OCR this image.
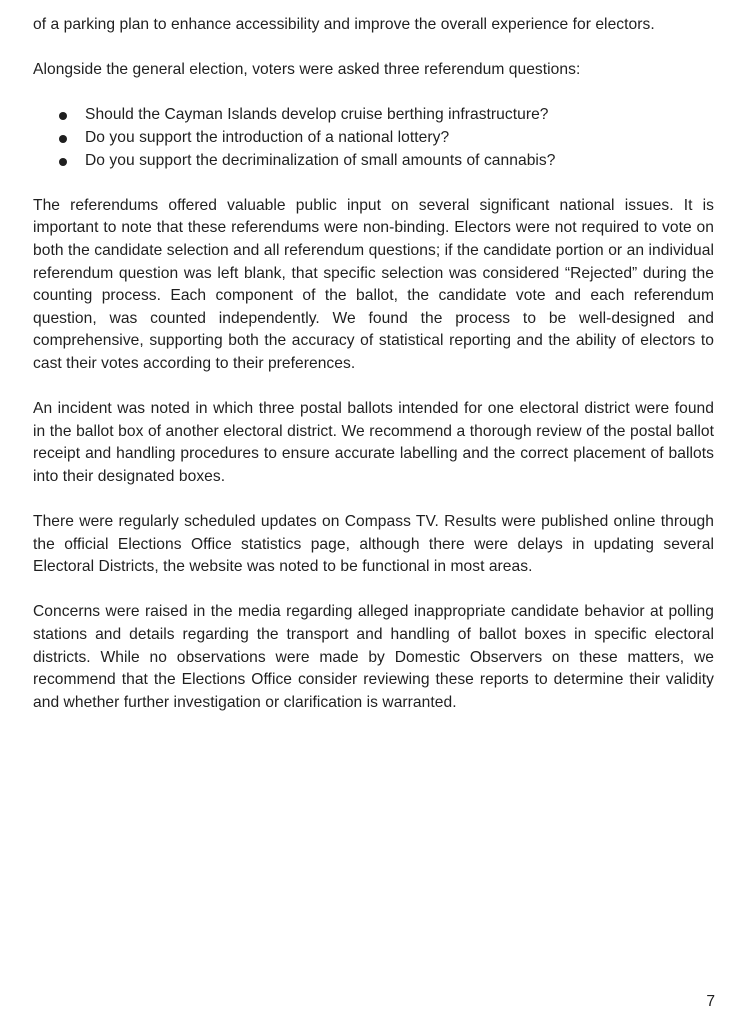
of a parking plan to enhance accessibility and improve the overall experience for electors.

Alongside the general election, voters were asked three referendum questions:

Should the Cayman Islands develop cruise berthing infrastructure?
Do you support the introduction of a national lottery?
Do you support the decriminalization of small amounts of cannabis?

The referendums offered valuable public input on several significant national issues. It is important to note that these referendums were non-binding. Electors were not required to vote on both the candidate selection and all referendum questions; if the candidate portion or an individual referendum question was left blank, that specific selection was considered “Rejected” during the counting process. Each component of the ballot, the candidate vote and each referendum question, was counted independently. We found the process to be well-designed and comprehensive, supporting both the accuracy of statistical reporting and the ability of electors to cast their votes according to their preferences.

An incident was noted in which three postal ballots intended for one electoral district were found in the ballot box of another electoral district. We recommend a thorough review of the postal ballot receipt and handling procedures to ensure accurate labelling and the correct placement of ballots into their designated boxes.

There were regularly scheduled updates on Compass TV. Results were published online through the official Elections Office statistics page, although there were delays in updating several Electoral Districts, the website was noted to be functional in most areas.

Concerns were raised in the media regarding alleged inappropriate candidate behavior at polling stations and details regarding the transport and handling of ballot boxes in specific electoral districts. While no observations were made by Domestic Observers on these matters, we recommend that the Elections Office consider reviewing these reports to determine their validity and whether further investigation or clarification is warranted.

7
